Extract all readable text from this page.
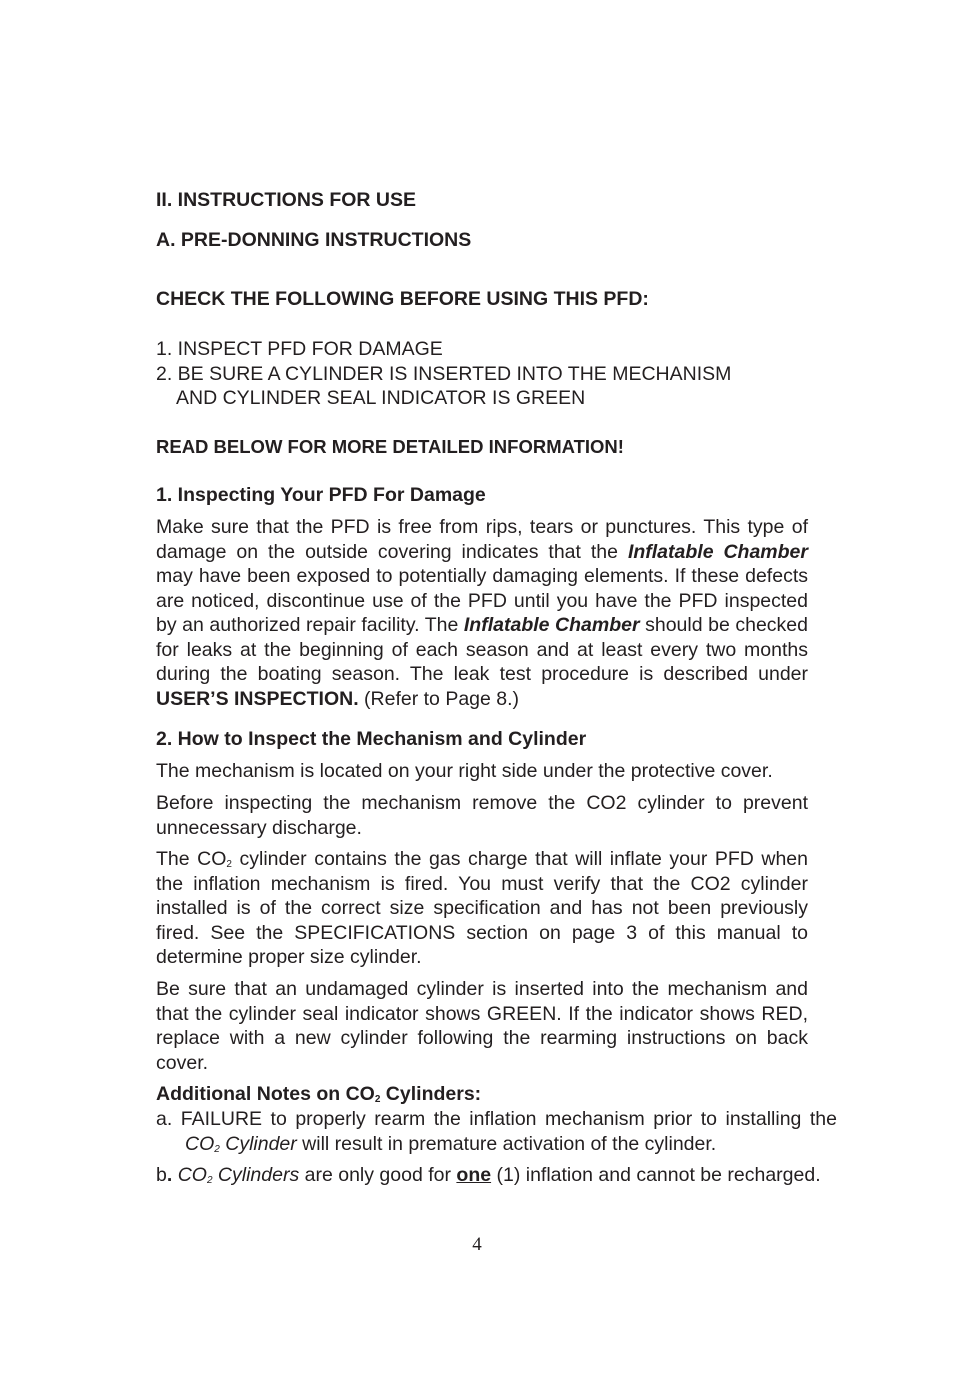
II. INSTRUCTIONS FOR USE
A. PRE-DONNING INSTRUCTIONS
CHECK THE FOLLOWING BEFORE USING THIS PFD:
1. INSPECT PFD FOR DAMAGE
2. BE SURE A CYLINDER IS INSERTED INTO THE MECHANISM
AND CYLINDER SEAL INDICATOR IS GREEN
READ BELOW FOR MORE DETAILED INFORMATION!
1. Inspecting Your PFD For Damage

Make sure that the PFD is free from rips, tears or punctures. This type of damage on the outside covering indicates that the Inflatable Chamber may have been exposed to potentially damaging elements. If these defects are noticed, discontinue use of the PFD until you have the PFD inspected by an authorized repair facility. The Inflatable Chamber should be checked for leaks at the beginning of each season and at least every two months during the boating season. The leak test procedure is described under USER’S INSPECTION. (Refer to Page 8.)

2. How to Inspect the Mechanism and Cylinder

The mechanism is located on your right side under the protective cover.

Before inspecting the mechanism remove the CO2 cylinder to prevent unnecessary discharge.

The $CO_2$ cylinder contains the gas charge that will inflate your PFD when the inflation mechanism is fired. You must verify that the CO2 cylinder installed is of the correct size specification and has not been previously fired. See the SPECIFICATIONS section on page 3 of this manual to determine proper size cylinder.

Be sure that an undamaged cylinder is inserted into the mechanism and that the cylinder seal indicator shows GREEN. If the indicator shows RED, replace with a new cylinder following the rearming instructions on back cover.

Additional Notes on $CO_2$ Cylinders:

a. FAILURE to properly rearm the inflation mechanism prior to installing the $CO_2$ Cylinder will result in premature activation of the cylinder.

b. $CO_2$ Cylinders are only good for one (1) inflation and cannot be recharged.

4
